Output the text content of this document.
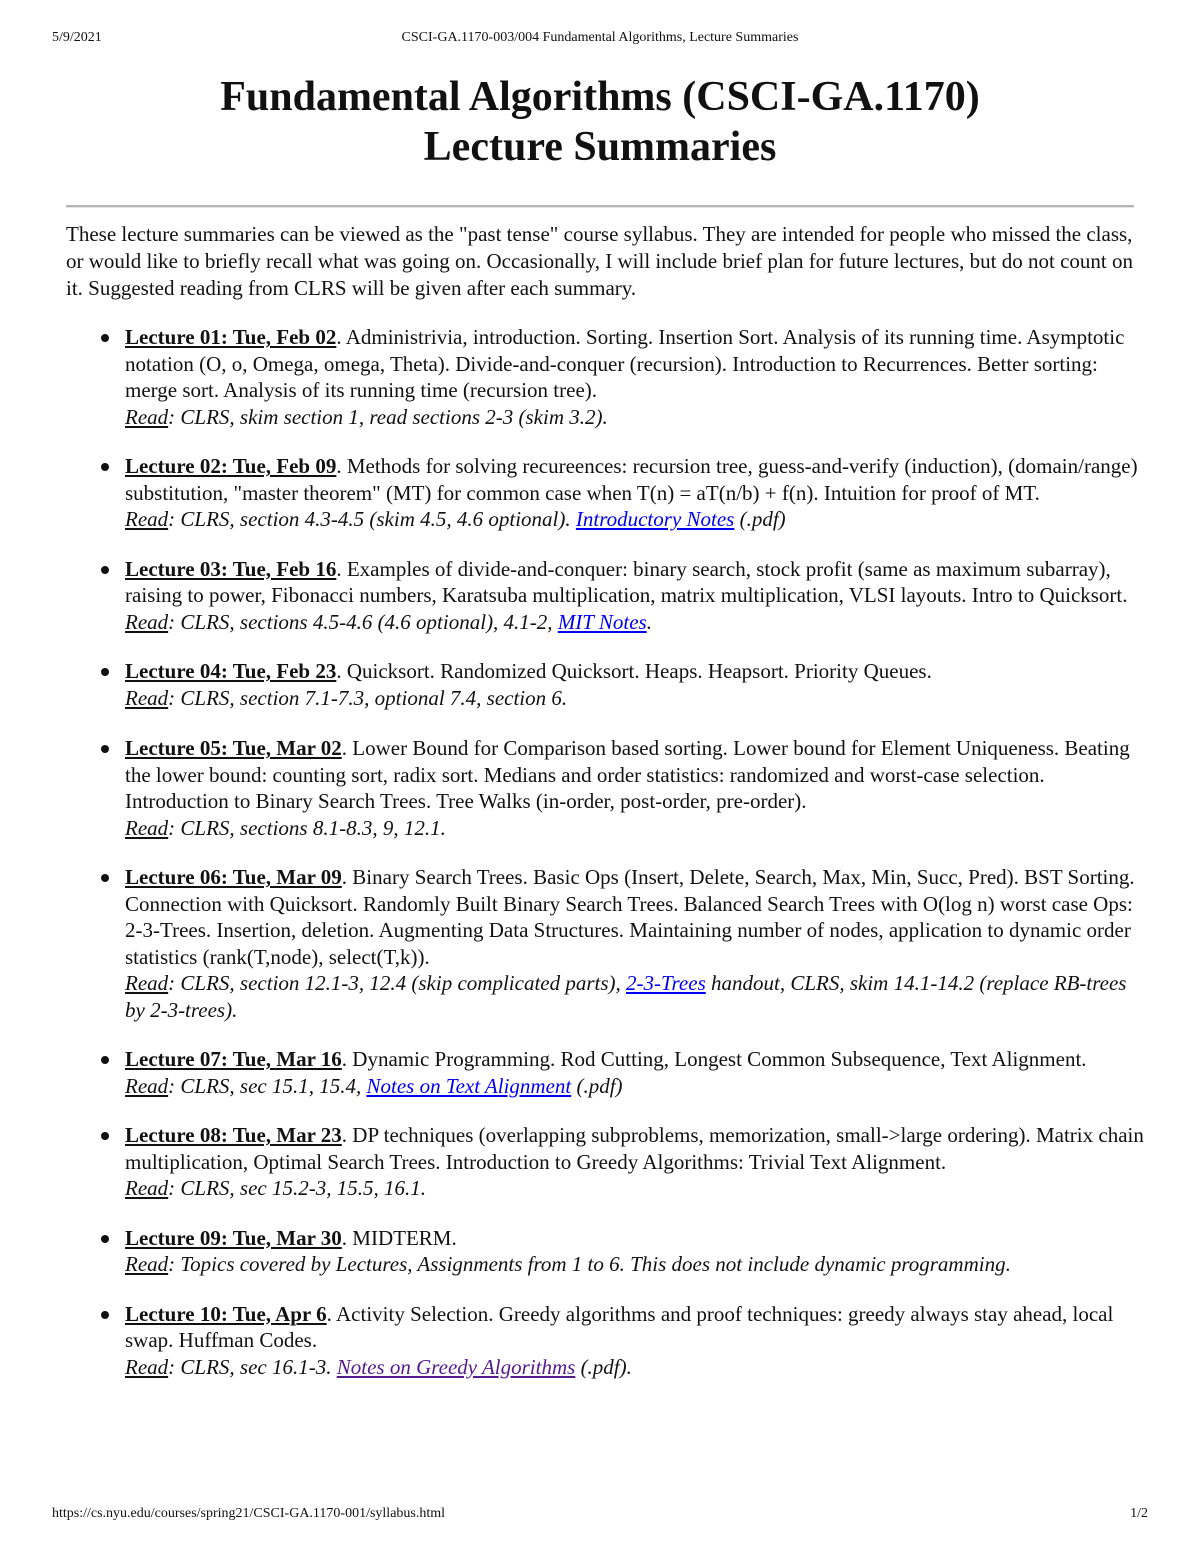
5/9/2021	CSCI-GA.1170-003/004 Fundamental Algorithms, Lecture Summaries
Fundamental Algorithms (CSCI-GA.1170)
Lecture Summaries

These lecture summaries can be viewed as the "past tense" course syllabus. They are intended for people who missed the class, or would like to briefly recall what was going on. Occasionally, I will include brief plan for future lectures, but do not count on it. Suggested reading from CLRS will be given after each summary.

Lecture 01: Tue, Feb 02. Administrivia, introduction. Sorting. Insertion Sort. Analysis of its running time. Asymptotic notation (O, o, Omega, omega, Theta). Divide-and-conquer (recursion). Introduction to Recurrences. Better sorting: merge sort. Analysis of its running time (recursion tree).
Read: CLRS, skim section 1, read sections 2-3 (skim 3.2).
Lecture 02: Tue, Feb 09. Methods for solving recureences: recursion tree, guess-and-verify (induction), (domain/range) substitution, "master theorem" (MT) for common case when T(n) = aT(n/b) + f(n). Intuition for proof of MT.
Read: CLRS, section 4.3-4.5 (skim 4.5, 4.6 optional). Introductory Notes (.pdf)
Lecture 03: Tue, Feb 16. Examples of divide-and-conquer: binary search, stock profit (same as maximum subarray), raising to power, Fibonacci numbers, Karatsuba multiplication, matrix multiplication, VLSI layouts. Intro to Quicksort.
Read: CLRS, sections 4.5-4.6 (4.6 optional), 4.1-2, MIT Notes.
Lecture 04: Tue, Feb 23. Quicksort. Randomized Quicksort. Heaps. Heapsort. Priority Queues.
Read: CLRS, section 7.1-7.3, optional 7.4, section 6.
Lecture 05: Tue, Mar 02. Lower Bound for Comparison based sorting. Lower bound for Element Uniqueness. Beating the lower bound: counting sort, radix sort. Medians and order statistics: randomized and worst-case selection. Introduction to Binary Search Trees. Tree Walks (in-order, post-order, pre-order).
Read: CLRS, sections 8.1-8.3, 9, 12.1.
Lecture 06: Tue, Mar 09. Binary Search Trees. Basic Ops (Insert, Delete, Search, Max, Min, Succ, Pred). BST Sorting. Connection with Quicksort. Randomly Built Binary Search Trees. Balanced Search Trees with O(log n) worst case Ops: 2-3-Trees. Insertion, deletion. Augmenting Data Structures. Maintaining number of nodes, application to dynamic order statistics (rank(T,node), select(T,k)).
Read: CLRS, section 12.1-3, 12.4 (skip complicated parts), 2-3-Trees handout, CLRS, skim 14.1-14.2 (replace RB-trees by 2-3-trees).
Lecture 07: Tue, Mar 16. Dynamic Programming. Rod Cutting, Longest Common Subsequence, Text Alignment.
Read: CLRS, sec 15.1, 15.4, Notes on Text Alignment (.pdf)
Lecture 08: Tue, Mar 23. DP techniques (overlapping subproblems, memorization, small->large ordering). Matrix chain multiplication, Optimal Search Trees. Introduction to Greedy Algorithms: Trivial Text Alignment.
Read: CLRS, sec 15.2-3, 15.5, 16.1.
Lecture 09: Tue, Mar 30. MIDTERM.
Read: Topics covered by Lectures, Assignments from 1 to 6. This does not include dynamic programming.
Lecture 10: Tue, Apr 6. Activity Selection. Greedy algorithms and proof techniques: greedy always stay ahead, local swap. Huffman Codes.
Read: CLRS, sec 16.1-3. Notes on Greedy Algorithms (.pdf).
https://cs.nyu.edu/courses/spring21/CSCI-GA.1170-001/syllabus.html	1/2
